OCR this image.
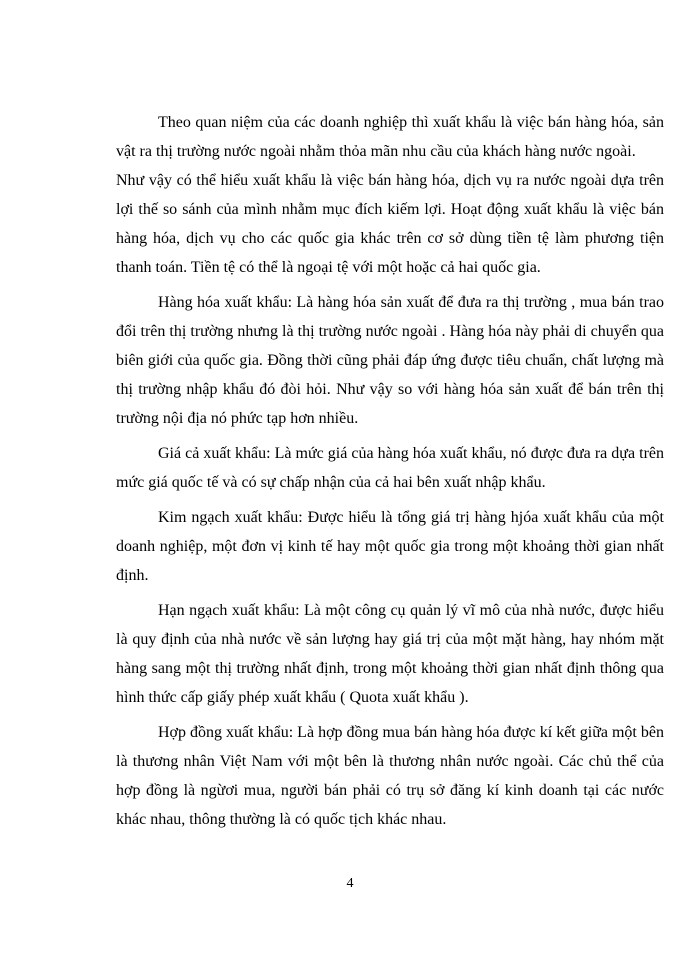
Theo quan niệm của các doanh nghiệp thì xuất khẩu là việc bán hàng hóa, sản vật ra thị trường nước ngoài nhằm thỏa mãn nhu cầu của khách hàng nước ngoài.

Như vậy có thể hiểu xuất khẩu là việc bán hàng hóa, dịch vụ ra nước ngoài dựa trên lợi thế so sánh của mình nhằm mục đích kiếm lợi. Hoạt động xuất khẩu là việc bán hàng hóa, dịch vụ cho các quốc gia khác trên cơ sở dùng tiền tệ làm phương tiện thanh toán. Tiền tệ có thể là ngoại tệ với một hoặc cả hai quốc gia.

Hàng hóa xuất khẩu: Là hàng hóa sản xuất để đưa ra thị trường , mua bán trao đổi trên thị trường nhưng là thị trường nước ngoài . Hàng hóa này phải di chuyển qua biên giới của quốc gia. Đồng thời cũng phải đáp ứng được tiêu chuẩn, chất lượng mà thị trường nhập khẩu đó đòi hỏi. Như vậy so với hàng hóa sản xuất để bán trên thị trường nội địa nó phức tạp hơn nhiều.

Giá cả xuất khẩu: Là mức giá của hàng hóa xuất khẩu, nó được đưa ra dựa trên mức giá quốc tế và có sự chấp nhận của cả hai bên xuất nhập khẩu.

Kim ngạch xuất khẩu: Được hiểu là tổng giá trị hàng hjóa xuất khẩu của một doanh nghiệp, một đơn vị kinh tế hay một quốc gia trong một khoảng thời gian nhất định.

Hạn ngạch xuất khẩu: Là một công cụ quản lý vĩ mô của nhà nước, được hiểu là quy định của nhà nước về sản lượng hay giá trị của một mặt hàng, hay nhóm mặt hàng sang một thị trường nhất định, trong một khoảng thời gian nhất định thông qua hình thức cấp giấy phép xuất khẩu ( Quota xuất khẩu ).

Hợp đồng xuất khẩu: Là hợp đồng mua bán hàng hóa được kí kết giữa một bên là thương nhân Việt Nam với một bên là thương nhân nước ngoài. Các chủ thể của hợp đồng là ngừơi mua, người bán phải có trụ sở đăng kí kinh doanh tại các nước khác nhau, thông thường là có quốc tịch khác nhau.

4
